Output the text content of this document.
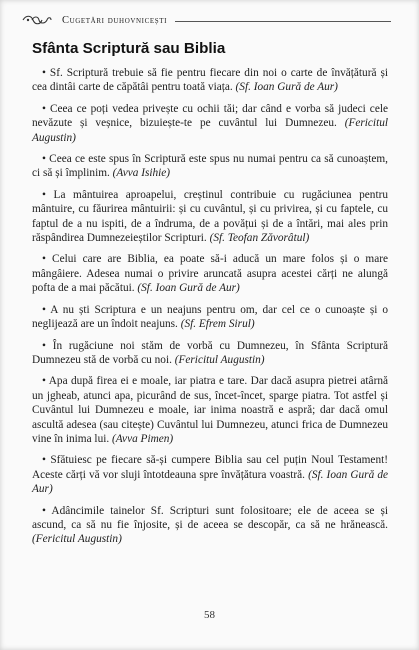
Cugetări duhovnicești
Sfânta Scriptură sau Biblia

• Sf. Scriptură trebuie să fie pentru fiecare din noi o carte de învățătură și cea dintâi carte de căpătâi pentru toată viața. (Sf. Ioan Gură de Aur)

• Ceea ce poți vedea privește cu ochii tăi; dar când e vorba să judeci cele nevăzute și veșnice, bizuiește-te pe cuvântul lui Dumnezeu. (Fericitul Augustin)

• Ceea ce este spus în Scriptură este spus nu numai pentru ca să cunoaștem, ci să și împlinim. (Avva Isihie)

• La mântuirea aproapelui, creștinul contribuie cu rugăciunea pentru mântuire, cu făurirea mântuirii: și cu cuvântul, și cu privirea, și cu faptele, cu faptul de a nu ispiti, de a îndruma, de a povățui și de a întări, mai ales prin răspândirea Dumnezeieștilor Scripturi. (Sf. Teofan Zăvorâtul)

• Celui care are Biblia, ea poate să-i aducă un mare folos și o mare mângâiere. Adesea numai o privire aruncată asupra acestei cărți ne alungă pofta de a mai păcătui. (Sf. Ioan Gură de Aur)

• A nu ști Scriptura e un neajuns pentru om, dar cel ce o cunoaște și o neglijează are un îndoit neajuns. (Sf. Efrem Sirul)

• În rugăciune noi stăm de vorbă cu Dumnezeu, în Sfânta Scriptură Dumnezeu stă de vorbă cu noi. (Fericitul Augustin)

• Apa după firea ei e moale, iar piatra e tare. Dar dacă asupra pietrei atârnă un jgheab, atunci apa, picurând de sus, încet-încet, sparge piatra. Tot astfel și Cuvântul lui Dumnezeu e moale, iar inima noastră e aspră; dar dacă omul ascultă adesea (sau citește) Cuvântul lui Dumnezeu, atunci frica de Dumnezeu vine în inima lui. (Avva Pimen)

• Sfătuiesc pe fiecare să-și cumpere Biblia sau cel puțin Noul Testament! Aceste cărți vă vor sluji întotdeauna spre învățătura voastră. (Sf. Ioan Gură de Aur)

• Adâncimile tainelor Sf. Scripturi sunt folositoare; ele de aceea se și ascund, ca să nu fie înjosite, și de aceea se descopăr, ca să ne hrănească. (Fericitul Augustin)

58
